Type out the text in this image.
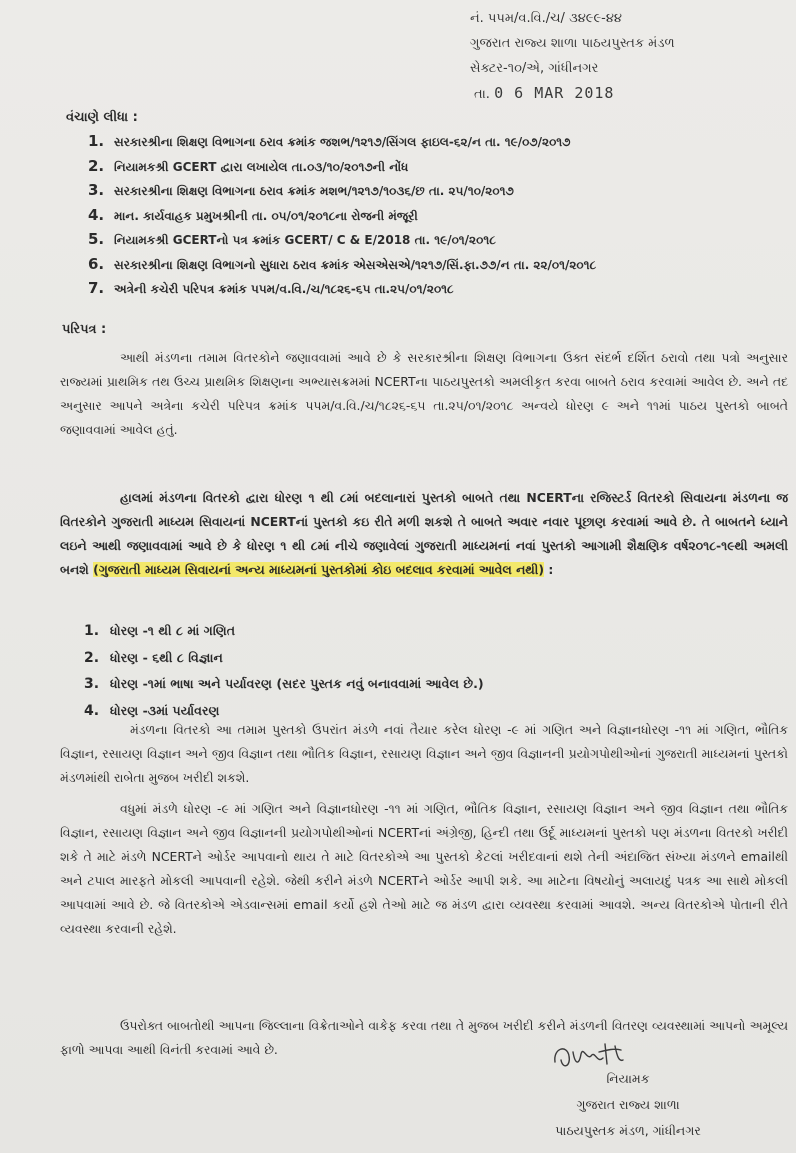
નં. પપમ/વ.વિ./ચ/ ૩૪૯૯-૪૪
ગુજરાત રાજ્ય શાળા પાઠયપુસ્તક મંડળ
સેક્ટર-૧૦/એ, ગાંધીનગર
તા. 0 6 MAR 2018
વંચાણે લીધા :
1. સરકારશ્રીના શિક્ષણ વિભાગના ઠરાવ ક્રમાંક જશભ/૧૨૧૭/સિંગલ ફાઇલ-૬૨/ન તા. ૧૯/૦૭/૨૦૧૭
2. નિયામકશ્રી GCERT દ્વારા લખાયેલ તા.૦૩/૧૦/૨૦૧૭ની નોંધ
3. સરકારશ્રીના શિક્ષણ વિભાગના ઠરાવ ક્રમાંક મશભ/૧૨૧૭/૧૦૩૬/છ તા. ૨૫/૧૦/૨૦૧૭
4. માન. કાર્યવાહક પ્રમુખશ્રીની તા. ૦૫/૦૧/૨૦૧૮ના રોજની મંજૂરી
5. નિયામકશ્રી GCERTનો પત્ર ક્રમાંક GCERT/ C & E/2018 તા. ૧૯/૦૧/૨૦૧૮
6. સરકારશ્રીના શિક્ષણ વિભાગનો સુધારા ઠરાવ ક્રમાંક એસએસએ/૧૨૧૭/સિં.ફા.૭૭/ન તા. ૨૨/૦૧/૨૦૧૮
7. અત્રેની કચેરી પરિપત્ર ક્રમાંક પપમ/વ.વિ./ચ/૧૮૨૬-૬૫ તા.૨૫/૦૧/૨૦૧૮
પરિપત્ર :
આથી મંડળના તમામ વિતરકોને જણાવવામાં આવે છે કે સરકારશ્રીના શિક્ષણ વિભાગના ઉક્ત સંદર્ભ દર્શિત ઠરાવો તથા પત્રો અનુસાર રાજ્યમાં પ્રાથમિક તથ ઉચ્ચ પ્રાથમિક શિક્ષણના અભ્યાસક્રમમાં NCERTના પાઠયપુસ્તકો અમલીકૃત કરવા બાબતે ઠરાવ કરવામાં આવેલ છે. અને તદ અનુસાર આપને અત્રેના કચેરી પરિપત્ર ક્રમાંક પપમ/વ.વિ./ચ/૧૮૨૬-૬૫ તા.૨૫/૦૧/૨૦૧૮ અન્વયે ધોરણ ૯ અને ૧૧માં પાઠય પુસ્તકો બાબતે જણાવવામાં આવેલ હતું.
હાલમાં મંડળના વિતરકો દ્વારા ધોરણ ૧ થી ૮માં બદલાનારાં પુસ્તકો બાબતે તથા NCERTના રજિસ્ટર્ડ વિતરકો સિવાયના મંડળના જ વિતરકોને ગુજરાતી માધ્યમ સિવાયનાં NCERTનાં પુસ્તકો કઇ રીતે મળી શકશે તે બાબતે અવાર નવાર પૂછાણ કરવામાં આવે છે. તે બાબતને ધ્યાને લઇને આથી જણાવવામાં આવે છે કે ધોરણ ૧ થી ૮માં નીચે જણાવેલાં ગુજરાતી માધ્યમનાં નવાં પુસ્તકો આગામી શૈક્ષણિક વર્ષ૨૦૧૮-૧૯થી અમલી બનશે (ગુજરાતી માધ્યમ સિવાયનાં અન્ય માધ્યમનાં પુસ્તકોમાં કોઇ બદલાવ કરવામાં આવેલ નથી) :
1. ધોરણ -૧ થી ૮ માં ગણિત
2. ધોરણ - ૬થી ૮ વિજ્ઞાન
3. ધોરણ -૧માં ભાષા અને પર્યાવરણ (સદર પુસ્તક નવું બનાવવામાં આવેલ છે.)
4. ધોરણ -૩માં પર્યાવરણ
મંડળના વિતરકો આ તમામ પુસ્તકો ઉપરાંત મંડળે નવાં તૈયાર કરેલ ધોરણ -૯ માં ગણિત અને વિજ્ઞાનધોરણ -૧૧ માં ગણિત, ભૌતિક વિજ્ઞાન, રસાયણ વિજ્ઞાન અને જીવ વિજ્ઞાન તથા ભૌતિક વિજ્ઞાન, રસાયણ વિજ્ઞાન અને જીવ વિજ્ઞાનની પ્રયોગપોથીઓનાં ગુજરાતી માધ્યમનાં પુસ્તકો મંડળમાંથી રાબેતા મુજબ ખરીદી શકશે.
વધુમાં મંડળે ધોરણ -૯ માં ગણિત અને વિજ્ઞાનધોરણ -૧૧ માં ગણિત, ભૌતિક વિજ્ઞાન, રસાયણ વિજ્ઞાન અને જીવ વિજ્ઞાન તથા ભૌતિક વિજ્ઞાન, રસાયણ વિજ્ઞાન અને જીવ વિજ્ઞાનની પ્રયોગપોથીઓનાં NCERTનાં અંગ્રેજી, હિન્દી તથા ઉર્દૂ માધ્યમનાં પુસ્તકો પણ મંડળના વિતરકો ખરીદી શકે તે માટે મંડળે NCERTને ઓર્ડર આપવાનો થાય તે માટે વિતરકોએ આ પુસ્તકો કેટલાં ખરીદવાનાં થશે તેની અંદાજિત સંખ્યા મંડળને emailથી અને ટપાલ મારફતે મોકલી આપવાની રહેશે. જેથી કરીને મંડળે NCERTને ઓર્ડર આપી શકે. આ માટેના વિષયોનું અલાયદું પત્રક આ સાથે મોકલી આપવામાં આવે છે. જે વિતરકોએ એડવાન્સમાં email કર્યો હશે તેઓ માટે જ મંડળ દ્વારા વ્યવસ્થા કરવામાં આવશે. અન્ય વિતરકોએ પોતાની રીતે વ્યવસ્થા કરવાની રહેશે.
ઉપરોક્ત બાબતોથી આપના જિલ્લાના વિક્રેતાઓને વાકેફ કરવા તથા તે મુજબ ખરીદી કરીને મંડળની વિતરણ વ્યવસ્થામાં આપનો અમૂલ્ય ફાળો આપવા આથી વિનંતી કરવામાં આવે છે.
નિયામક
ગુજરાત રાજ્ય શાળા
પાઠયપુસ્તક મંડળ, ગાંધીનગર
